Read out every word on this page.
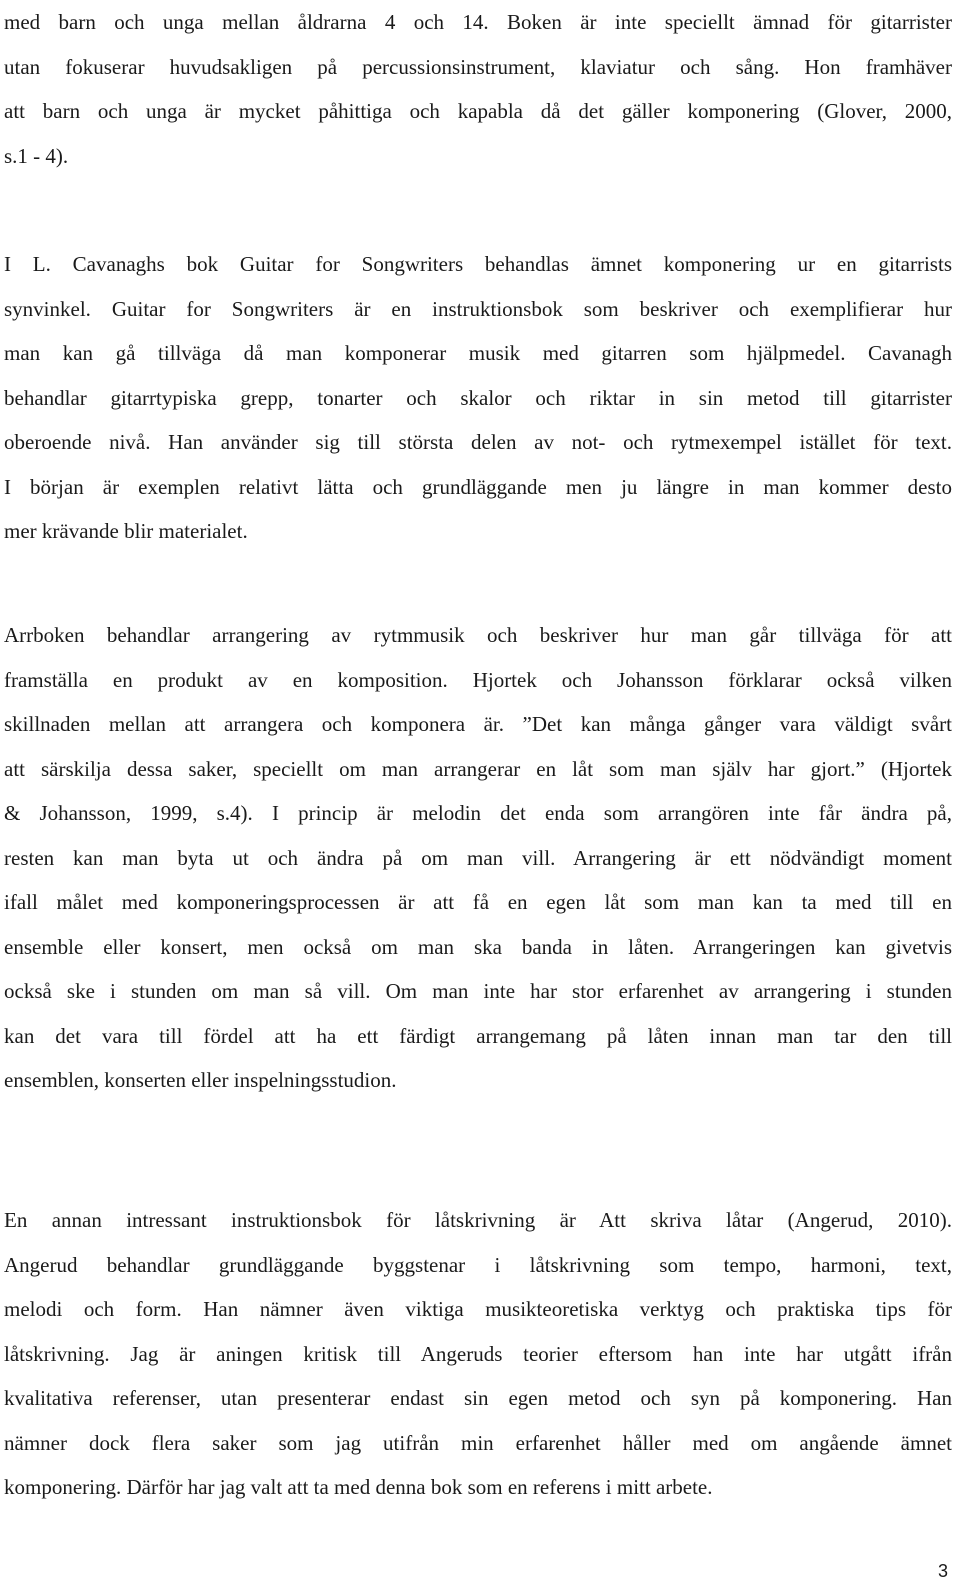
med barn och unga mellan åldrarna 4 och 14. Boken är inte speciellt ämnad för gitarrister
utan fokuserar huvudsakligen på percussionsinstrument, klaviatur och sång. Hon framhäver
att barn och unga är mycket påhittiga och kapabla då det gäller komponering (Glover, 2000,
s.1 - 4).
I L. Cavanaghs bok Guitar for Songwriters behandlas ämnet komponering ur en gitarrists
synvinkel. Guitar for Songwriters är en instruktionsbok som beskriver och exemplifierar hur
man kan gå tillväga då man komponerar musik med gitarren som hjälpmedel. Cavanagh
behandlar gitarrtypiska grepp, tonarter och skalor och riktar in sin metod till gitarrister
oberoende nivå. Han använder sig till största delen av not- och rytmexempel istället för text.
I början är exemplen relativt lätta och grundläggande men ju längre in man kommer desto
mer krävande blir materialet.
Arrboken behandlar arrangering av rytmmusik och beskriver hur man går tillväga för att
framställa en produkt av en komposition. Hjortek och Johansson förklarar också vilken
skillnaden mellan att arrangera och komponera är. ”Det kan många gånger vara väldigt svårt
att särskilja dessa saker, speciellt om man arrangerar en låt som man själv har gjort.” (Hjortek
& Johansson, 1999, s.4). I princip är melodin det enda som arrangören inte får ändra på,
resten kan man byta ut och ändra på om man vill. Arrangering är ett nödvändigt moment
ifall målet med komponeringsprocessen är att få en egen låt som man kan ta med till en
ensemble eller konsert, men också om man ska banda in låten. Arrangeringen kan givetvis
också ske i stunden om man så vill. Om man inte har stor erfarenhet av arrangering i stunden
kan det vara till fördel att ha ett färdigt arrangemang på låten innan man tar den till
ensemblen, konserten eller inspelningsstudion.
En annan intressant instruktionsbok för låtskrivning är Att skriva låtar (Angerud, 2010).
Angerud behandlar grundläggande byggstenar i låtskrivning som tempo, harmoni, text,
melodi och form. Han nämner även viktiga musikteoretiska verktyg och praktiska tips för
låtskrivning. Jag är aningen kritisk till Angeruds teorier eftersom han inte har utgått ifrån
kvalitativa referenser, utan presenterar endast sin egen metod och syn på komponering. Han
nämner dock flera saker som jag utifrån min erfarenhet håller med om angående ämnet
komponering. Därför har jag valt att ta med denna bok som en referens i mitt arbete.
3
